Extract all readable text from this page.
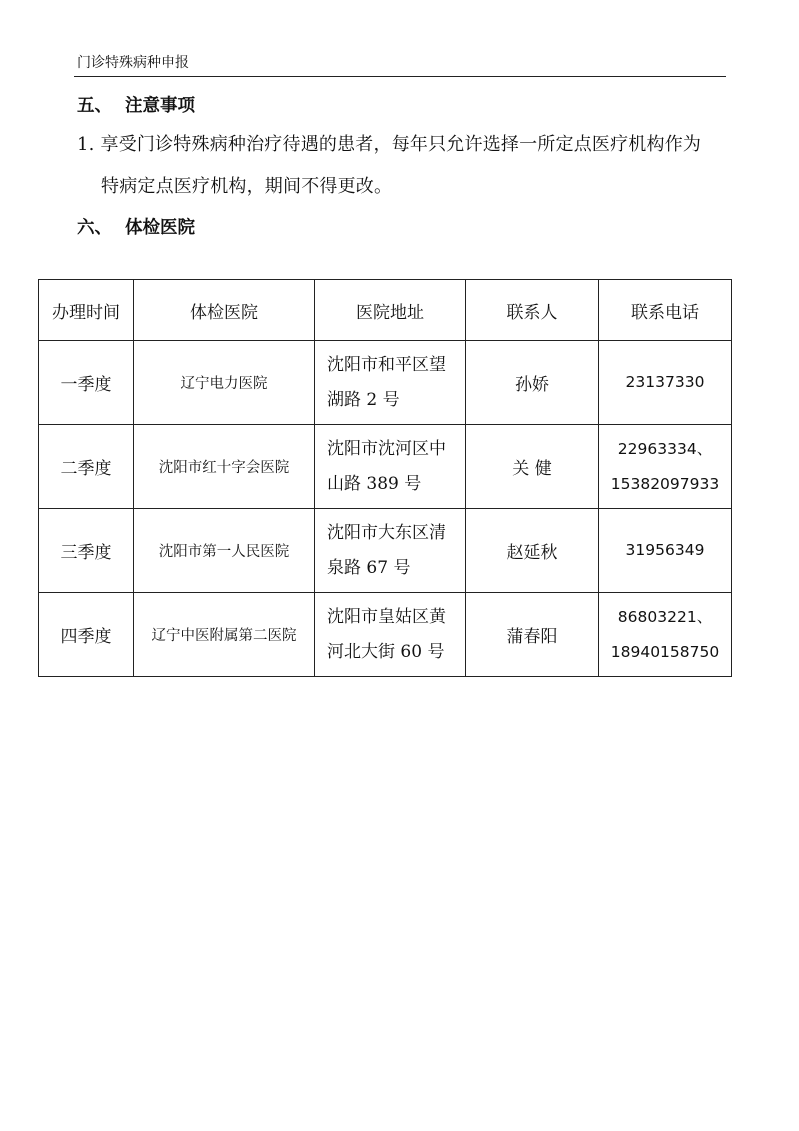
门诊特殊病种申报
五、 注意事项
1. 享受门诊特殊病种治疗待遇的患者，每年只允许选择一所定点医疗机构作为
特病定点医疗机构，期间不得更改。
六、 体检医院
办理时间	体检医院	医院地址	联系人	联系电话
一季度	辽宁电力医院	沈阳市和平区望
湖路 2 号	孙娇	23137330

二季度	沈阳市红十字会医院	沈阳市沈河区中
山路 389 号	关 健	22963334、
15382097933

三季度	沈阳市第一人民医院	沈阳市大东区清
泉路 67 号	赵延秋	31956349

四季度	辽宁中医附属第二医院	沈阳市皇姑区黄
河北大街 60 号	蒲春阳	86803221、
18940158750
